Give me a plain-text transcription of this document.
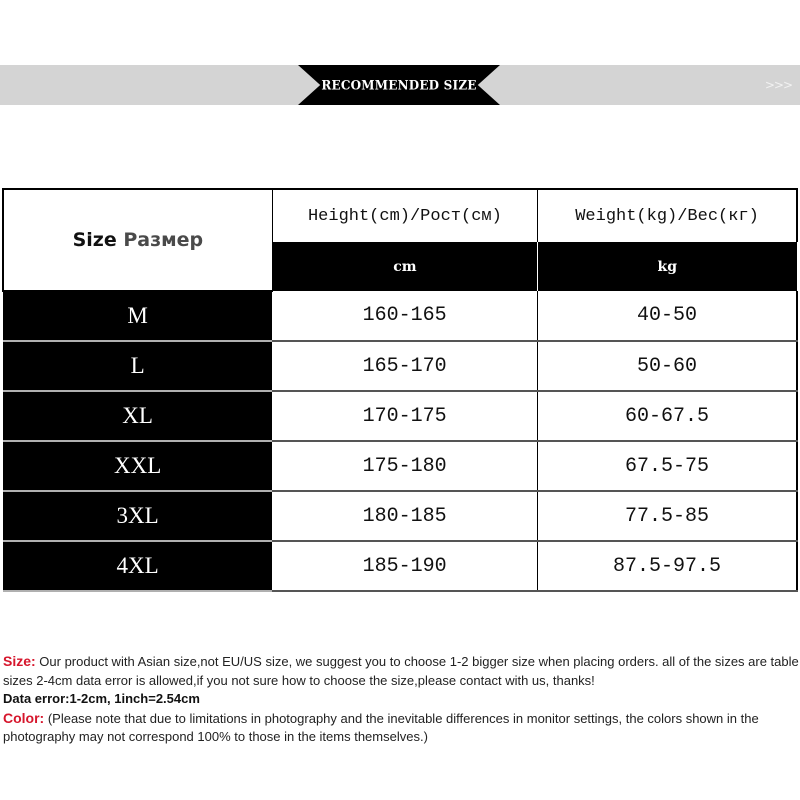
RECOMMENDED SIZE	>>>
Size Размер	Height(cm)/Рост(см)	Weight(kg)/Вес(кг)
	cm	kg
M	160-165	40-50
L	165-170	50-60
XL	170-175	60-67.5
XXL	175-180	67.5-75
3XL	180-185	77.5-85
4XL	185-190	87.5-97.5

Size: Our product with Asian size,not EU/US size, we suggest you to choose 1-2 bigger size when placing orders. all of the sizes are table sizes 2-4cm data error is allowed,if you not sure how to choose the size,please contact with us, thanks!

Data error:1-2cm, 1inch=2.54cm

Color: (Please note that due to limitations in photography and the inevitable differences in monitor settings, the colors shown in the photography may not correspond 100% to those in the items themselves.)
